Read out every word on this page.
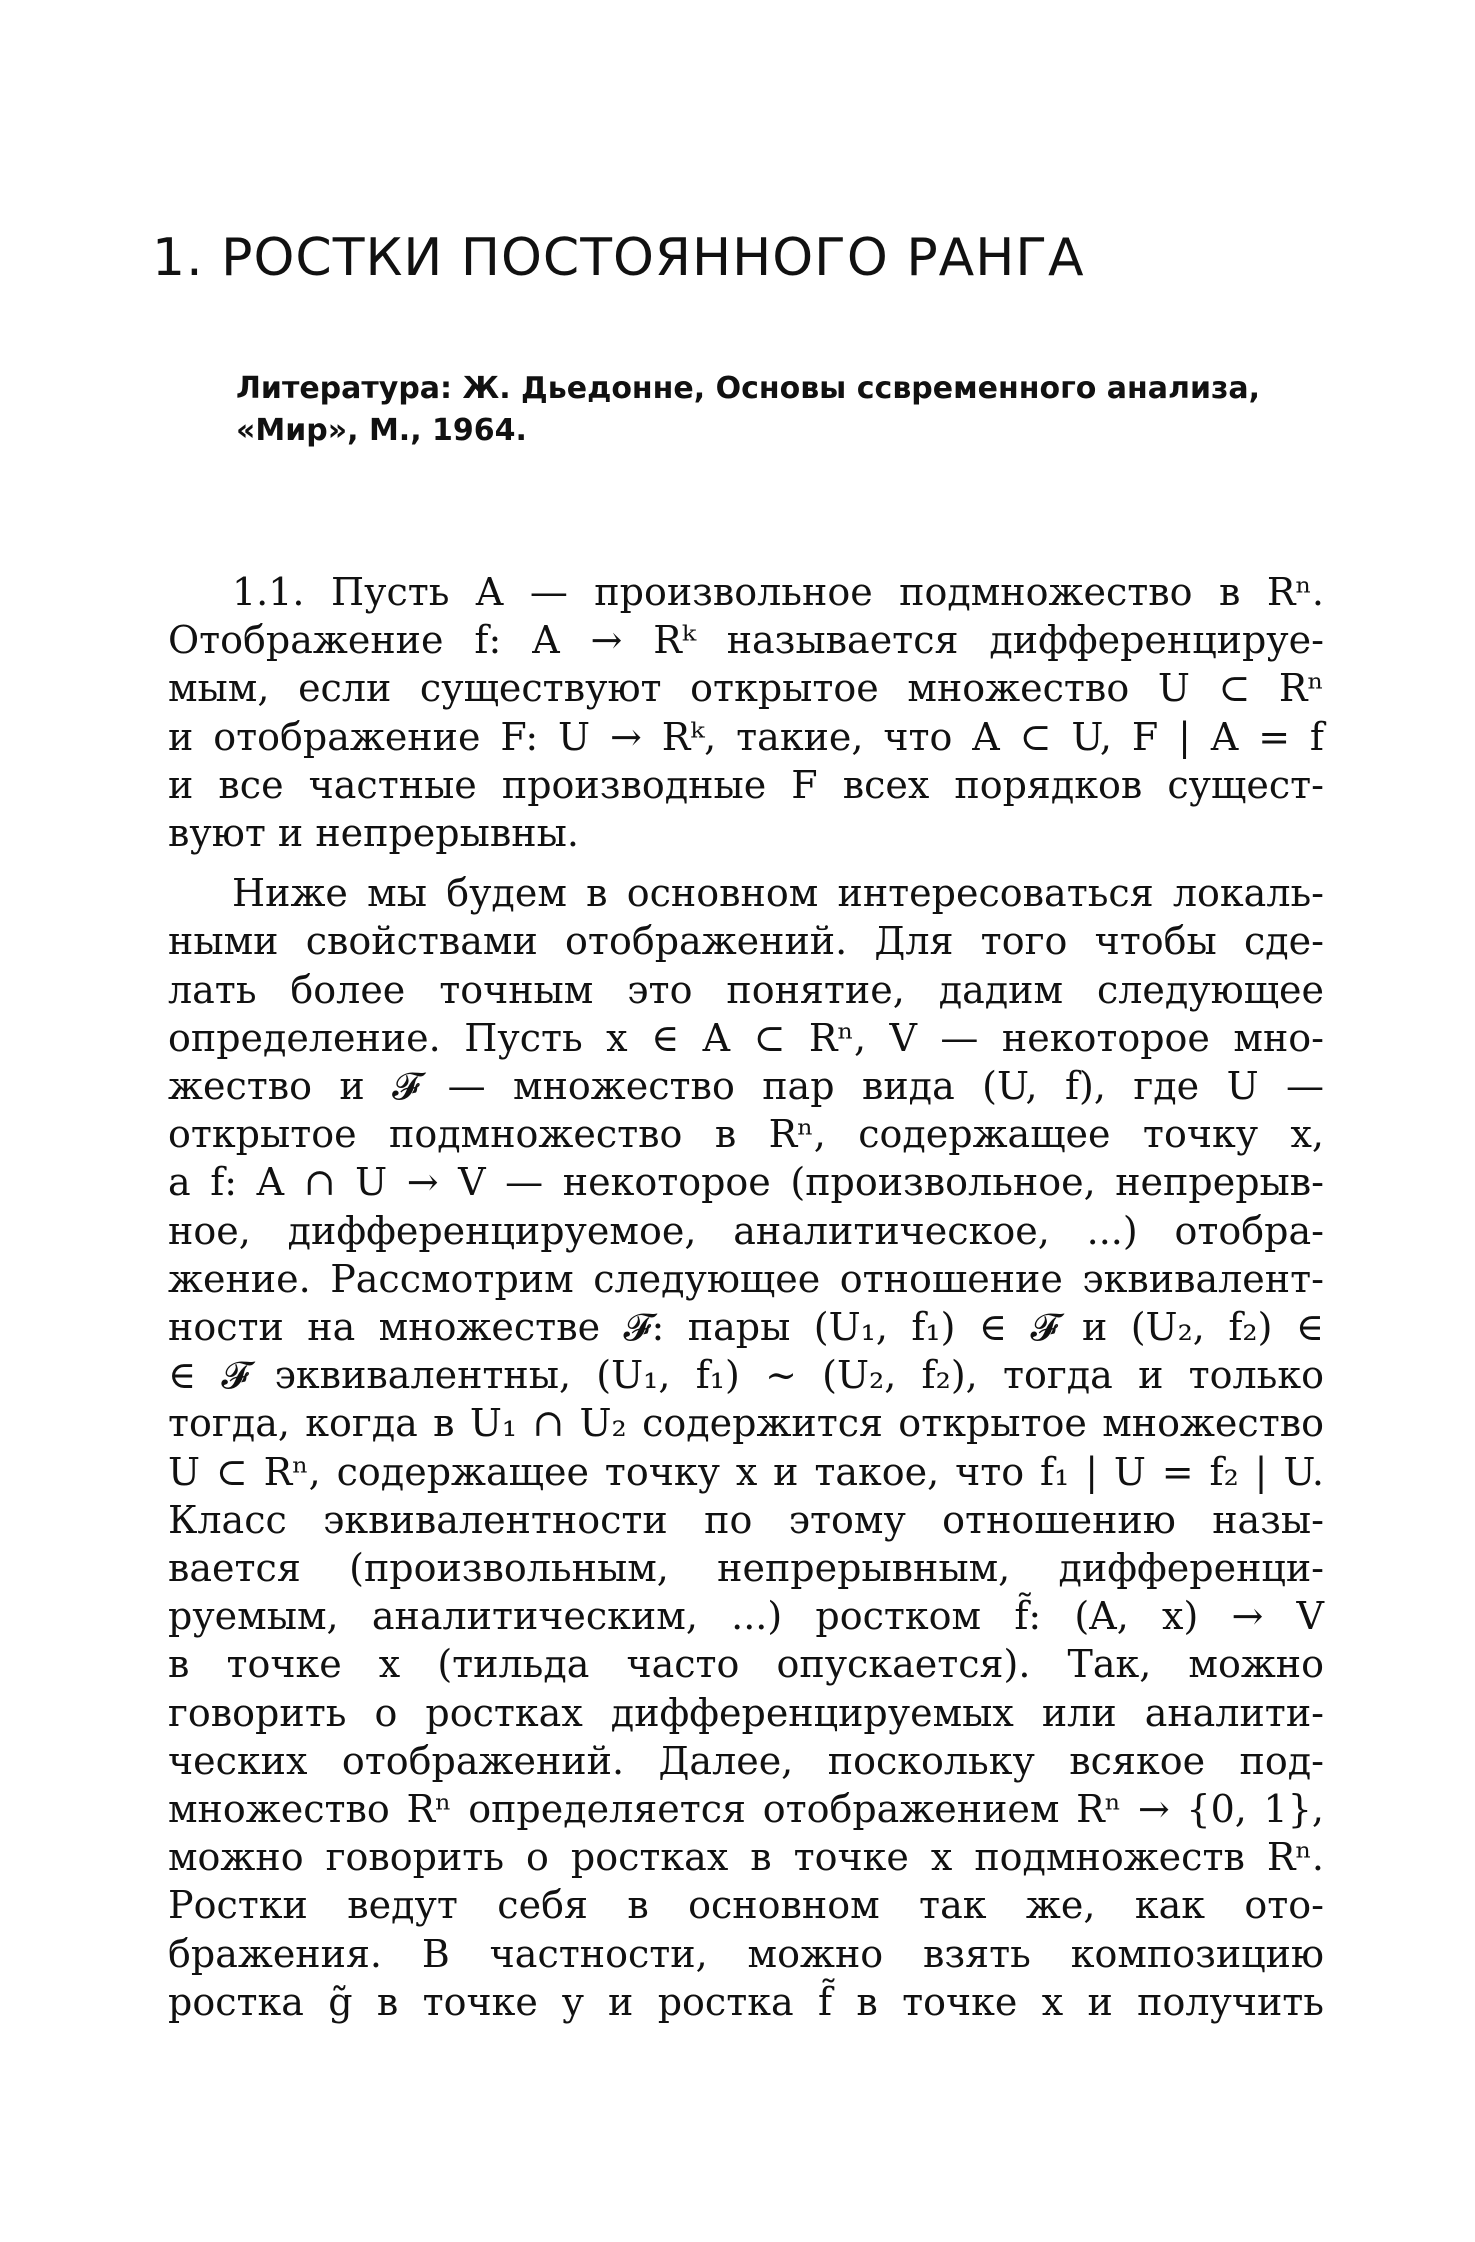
1. РОСТКИ ПОСТОЯННОГО РАНГА
Литература: Ж. Дьедонне, Основы ссвременного анализа,
«Мир», М., 1964.
1.1. Пусть A — произвольное подмножество в Rⁿ.
Отображение f: A → Rᵏ называется дифференцируе-
мым, если существуют открытое множество U ⊂ Rⁿ
и отображение F: U → Rᵏ, такие, что A ⊂ U, F | A = f
и все частные производные F всех порядков сущест-
вуют и непрерывны.
Ниже мы будем в основном интересоваться локаль-
ными свойствами отображений. Для того чтобы сде-
лать более точным это понятие, дадим следующее
определение. Пусть x ∈ A ⊂ Rⁿ, V — некоторое мно-
жество и 𝓕 — множество пар вида (U, f), где U —
открытое подмножество в Rⁿ, содержащее точку x,
а f: A ∩ U → V — некоторое (произвольное, непрерыв-
ное, дифференцируемое, аналитическое, ...) отобра-
жение. Рассмотрим следующее отношение эквивалент-
ности на множестве 𝓕: пары (U₁, f₁) ∈ 𝓕 и (U₂, f₂) ∈
∈ 𝓕 эквивалентны, (U₁, f₁) ~ (U₂, f₂), тогда и только
тогда, когда в U₁ ∩ U₂ содержится открытое множество
U ⊂ Rⁿ, содержащее точку x и такое, что f₁ | U = f₂ | U.
Класс эквивалентности по этому отношению назы-
вается (произвольным, непрерывным, дифференци-
руемым, аналитическим, ...) ростком f̃: (A, x) → V
в точке x (тильда часто опускается). Так, можно
говорить о ростках дифференцируемых или аналити-
ческих отображений. Далее, поскольку всякое под-
множество Rⁿ определяется отображением Rⁿ → {0, 1},
можно говорить о ростках в точке x подмножеств Rⁿ.
Ростки ведут себя в основном так же, как ото-
бражения. В частности, можно взять композицию
ростка g̃ в точке y и ростка f̃ в точке x и получить
